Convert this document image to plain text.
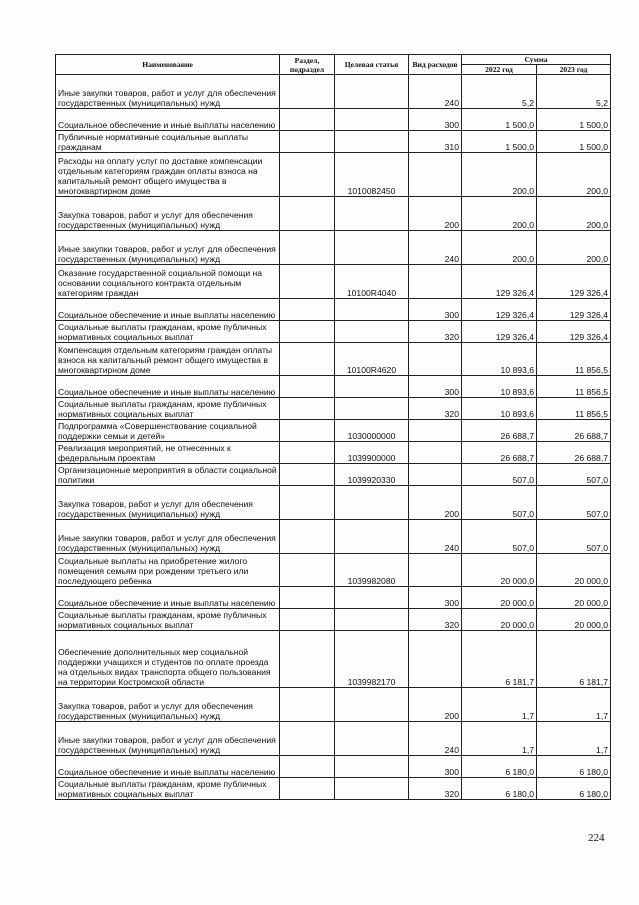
Наименование	Раздел, подраздел	Целевая статья	Вид расходов	Сумма	
				2022 год	2023 год
Иные закупки товаров, работ и услуг для обеспечения государственных (муниципальных) нужд			240	5,2	5,2
Социальное обеспечение и иные выплаты населению			300	1 500,0	1 500,0
Публичные нормативные социальные выплаты гражданам			310	1 500,0	1 500,0
Расходы на оплату услуг по доставке компенсации отдельным категориям граждан оплаты взноса на капитальный ремонт общего имущества в многоквартирном доме		1010082450		200,0	200,0
Закупка товаров, работ и услуг для обеспечения государственных (муниципальных) нужд			200	200,0	200,0
Иные закупки товаров, работ и услуг для обеспечения государственных (муниципальных) нужд			240	200,0	200,0
Оказание государственной социальной помощи на основании социального контракта отдельным категориям граждан		10100R4040		129 326,4	129 326,4
Социальное обеспечение и иные выплаты населению			300	129 326,4	129 326,4
Социальные выплаты гражданам, кроме публичных нормативных социальных выплат			320	129 326,4	129 326,4
Компенсация отдельным категориям граждан оплаты взноса на капитальный ремонт общего имущества в многоквартирном доме		10100R4620		10 893,6	11 856,5
Социальное обеспечение и иные выплаты населению			300	10 893,6	11 856,5
Социальные выплаты гражданам, кроме публичных нормативных социальных выплат			320	10 893,6	11 856,5
Подпрограмма «Совершенствование социальной поддержки семьи и детей»		1030000000		26 688,7	26 688,7
Реализация мероприятий, не отнесенных к федеральным проектам		1039900000		26 688,7	26 688,7
Организационные мероприятия в области социальной политики		1039920330		507,0	507,0
Закупка товаров, работ и услуг для обеспечения государственных (муниципальных) нужд			200	507,0	507,0
Иные закупки товаров, работ и услуг для обеспечения государственных (муниципальных) нужд			240	507,0	507,0
Социальные выплаты на приобретение жилого помещения семьям при рождении третьего или последующего ребенка		1039982080		20 000,0	20 000,0
Социальное обеспечение и иные выплаты населению			300	20 000,0	20 000,0
Социальные выплаты гражданам, кроме публичных нормативных социальных выплат			320	20 000,0	20 000,0
Обеспечение дополнительных мер социальной поддержки учащихся и студентов по оплате проезда на отдельных видах транспорта общего пользования на территории Костромской области		1039982170		6 181,7	6 181,7
Закупка товаров, работ и услуг для обеспечения государственных (муниципальных) нужд			200	1,7	1,7
Иные закупки товаров, работ и услуг для обеспечения государственных (муниципальных) нужд			240	1,7	1,7
Социальное обеспечение и иные выплаты населению			300	6 180,0	6 180,0
Социальные выплаты гражданам, кроме публичных нормативных социальных выплат			320	6 180,0	6 180,0
224
